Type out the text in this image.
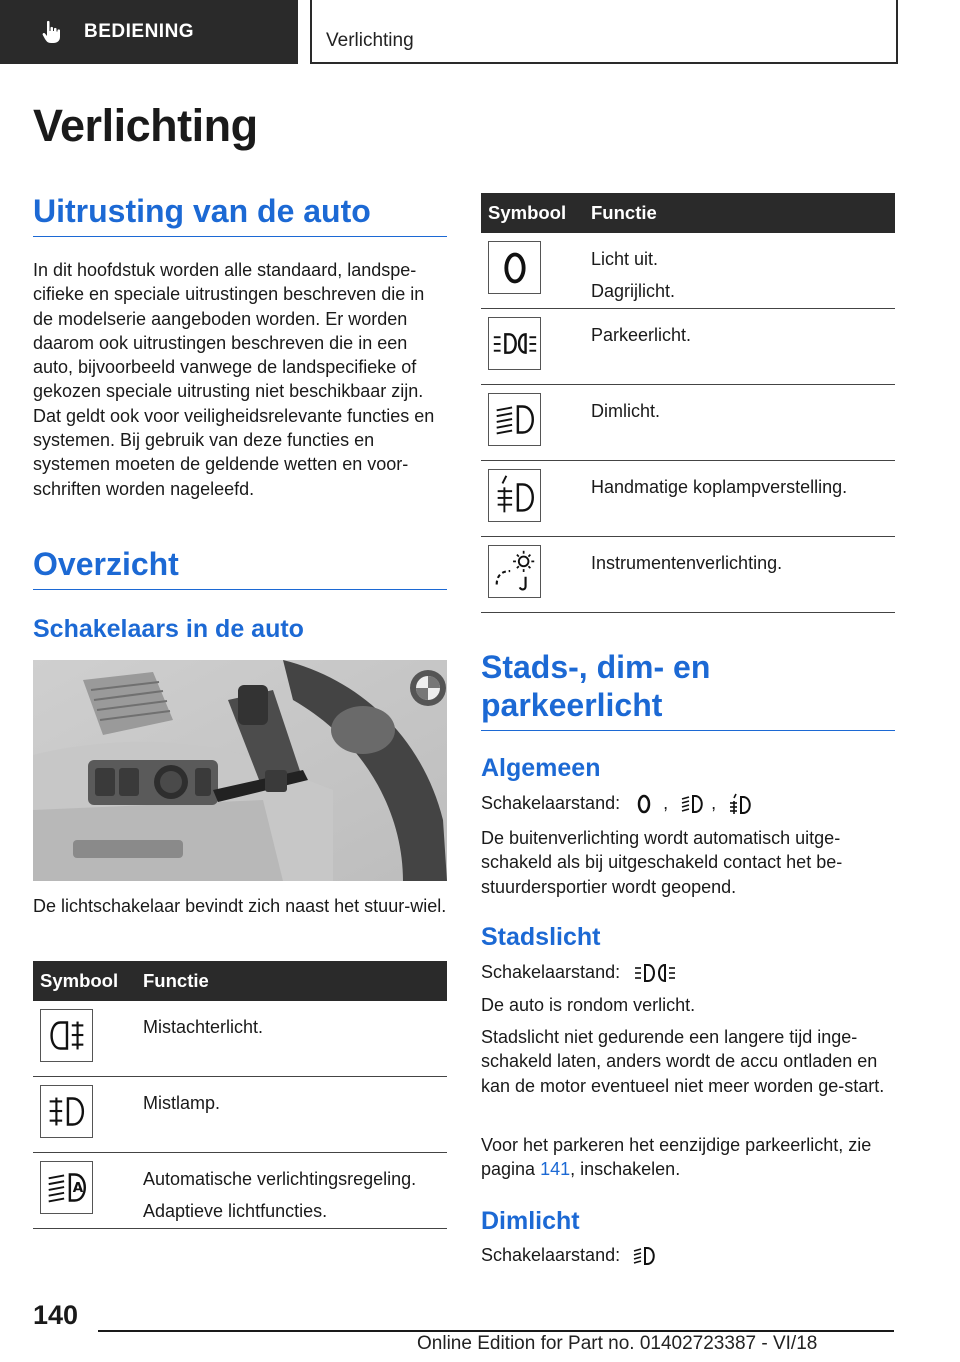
BEDIENING	Verlichting
Verlichting
Uitrusting van de auto

In dit hoofdstuk worden alle standaard, landspe-cifieke en speciale uitrustingen beschreven die in de modelserie aangeboden worden. Er worden daarom ook uitrustingen beschreven die in een auto, bijvoorbeeld vanwege de landspecifieke of gekozen speciale uitrusting niet beschikbaar zijn. Dat geldt ook voor veiligheidsrelevante functies en systemen. Bij gebruik van deze functies en systemen moeten de geldende wetten en voor-schriften worden nageleefd.

Overzicht
Schakelaars in de auto

De lichtschakelaar bevindt zich naast het stuur-wiel.

Symbool	Functie

Mistachterlicht.

Mistlamp.

A	Automatische verlichtingsregeling.
Adaptieve lichtfuncties.
Symbool	Functie

Licht uit.
Dagrijlicht.

Parkeerlicht.

Dimlicht.

Handmatige koplampverstelling.

Instrumentenverlichting.
Stads-, dim- en
parkeerlicht
Algemeen

Schakelaarstand: , ,

De buitenverlichting wordt automatisch uitge-schakeld als bij uitgeschakeld contact het be-stuurdersportier wordt geopend.

Stadslicht

Schakelaarstand:

De auto is rondom verlicht.

Stadslicht niet gedurende een langere tijd inge-schakeld laten, anders wordt de accu ontladen en kan de motor eventueel niet meer worden ge-start.

Voor het parkeren het eenzijdige parkeerlicht, zie pagina 141, inschakelen.

Dimlicht

Schakelaarstand:

140
Online Edition for Part no. 01402723387 - VI/18
